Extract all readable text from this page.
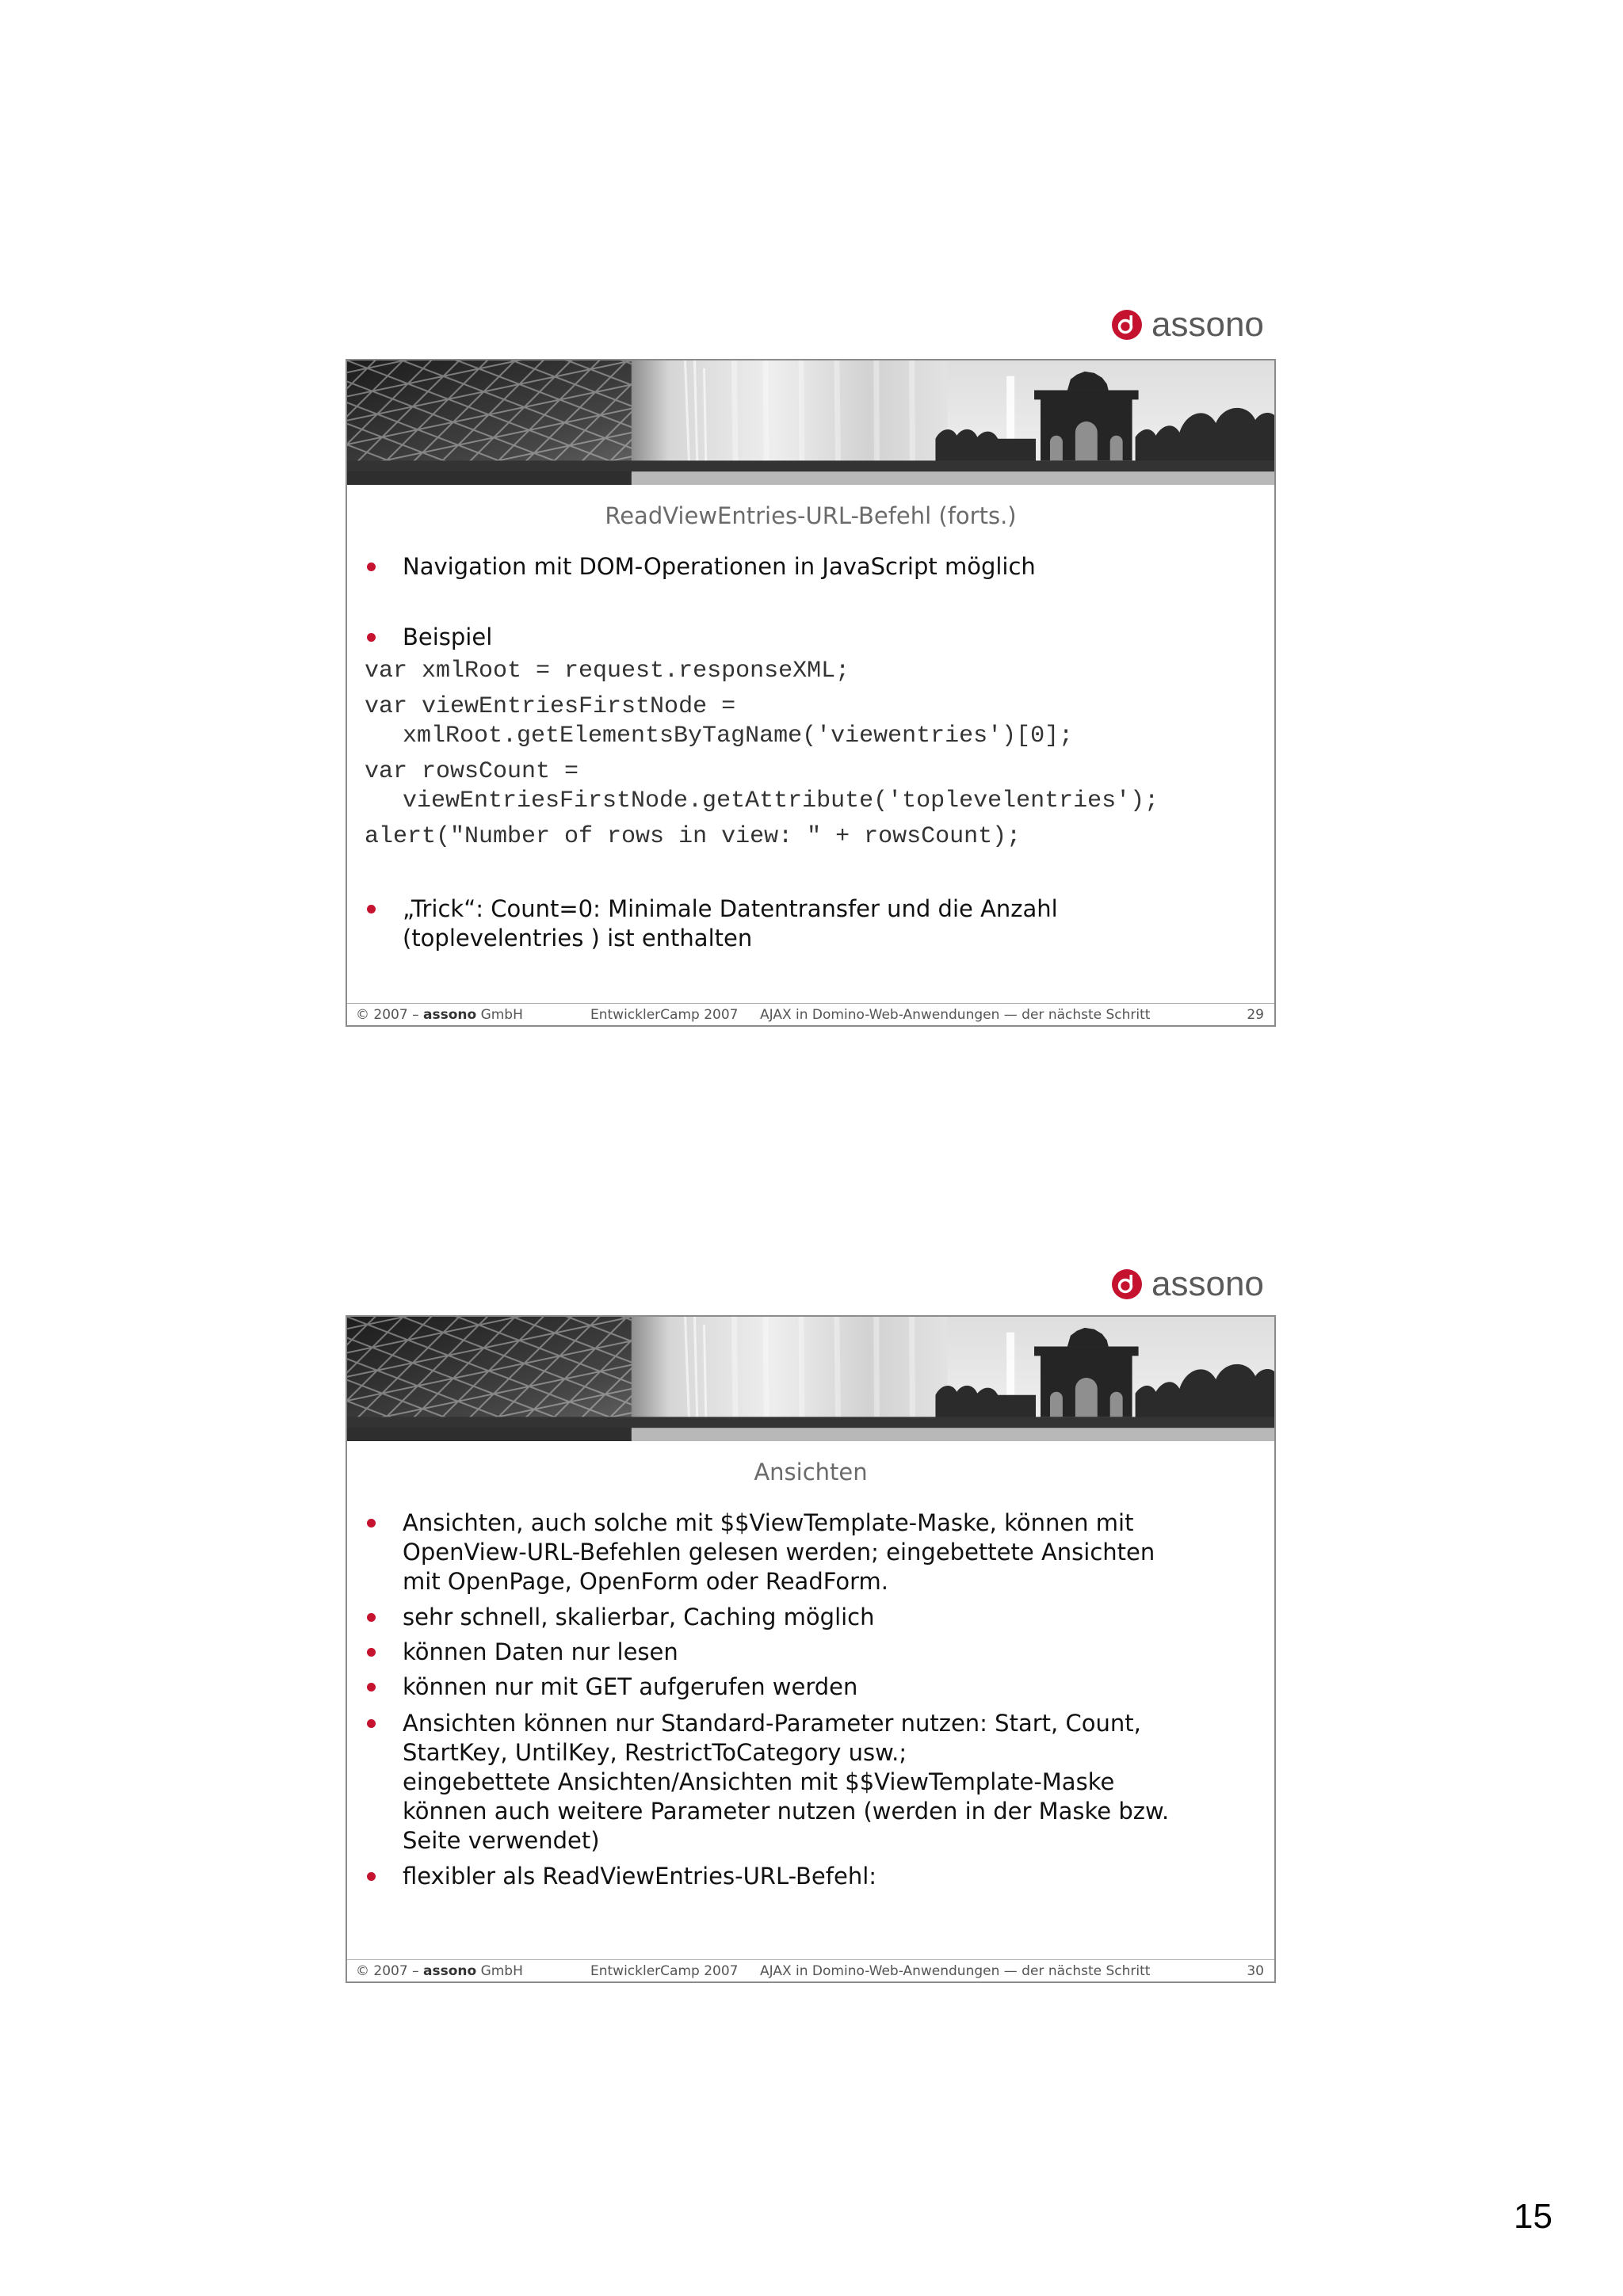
assono
ReadViewEntries-URL-Befehl (forts.)
Navigation mit DOM-Operationen in JavaScript möglich
Beispiel
var xmlRoot = request.responseXML;
var viewEntriesFirstNode =
xmlRoot.getElementsByTagName('viewentries')[0];
var rowsCount =
viewEntriesFirstNode.getAttribute('toplevelentries');
alert("Number of rows in view: " + rowsCount);
„Trick“: Count=0: Minimale Datentransfer und die Anzahl
(toplevelentries ) ist enthalten
© 2007 – assono GmbH	EntwicklerCamp 2007 AJAX in Domino-Web-Anwendungen — der nächste Schritt	29
assono
Ansichten
Ansichten, auch solche mit $$ViewTemplate-Maske, können mit
OpenView-URL-Befehlen gelesen werden; eingebettete Ansichten
mit OpenPage, OpenForm oder ReadForm.
sehr schnell, skalierbar, Caching möglich
können Daten nur lesen
können nur mit GET aufgerufen werden
Ansichten können nur Standard-Parameter nutzen: Start, Count,
StartKey, UntilKey, RestrictToCategory usw.;
eingebettete Ansichten/Ansichten mit $$ViewTemplate-Maske
können auch weitere Parameter nutzen (werden in der Maske bzw.
Seite verwendet)
flexibler als ReadViewEntries-URL-Befehl:
© 2007 – assono GmbH	EntwicklerCamp 2007 AJAX in Domino-Web-Anwendungen — der nächste Schritt	30
15
